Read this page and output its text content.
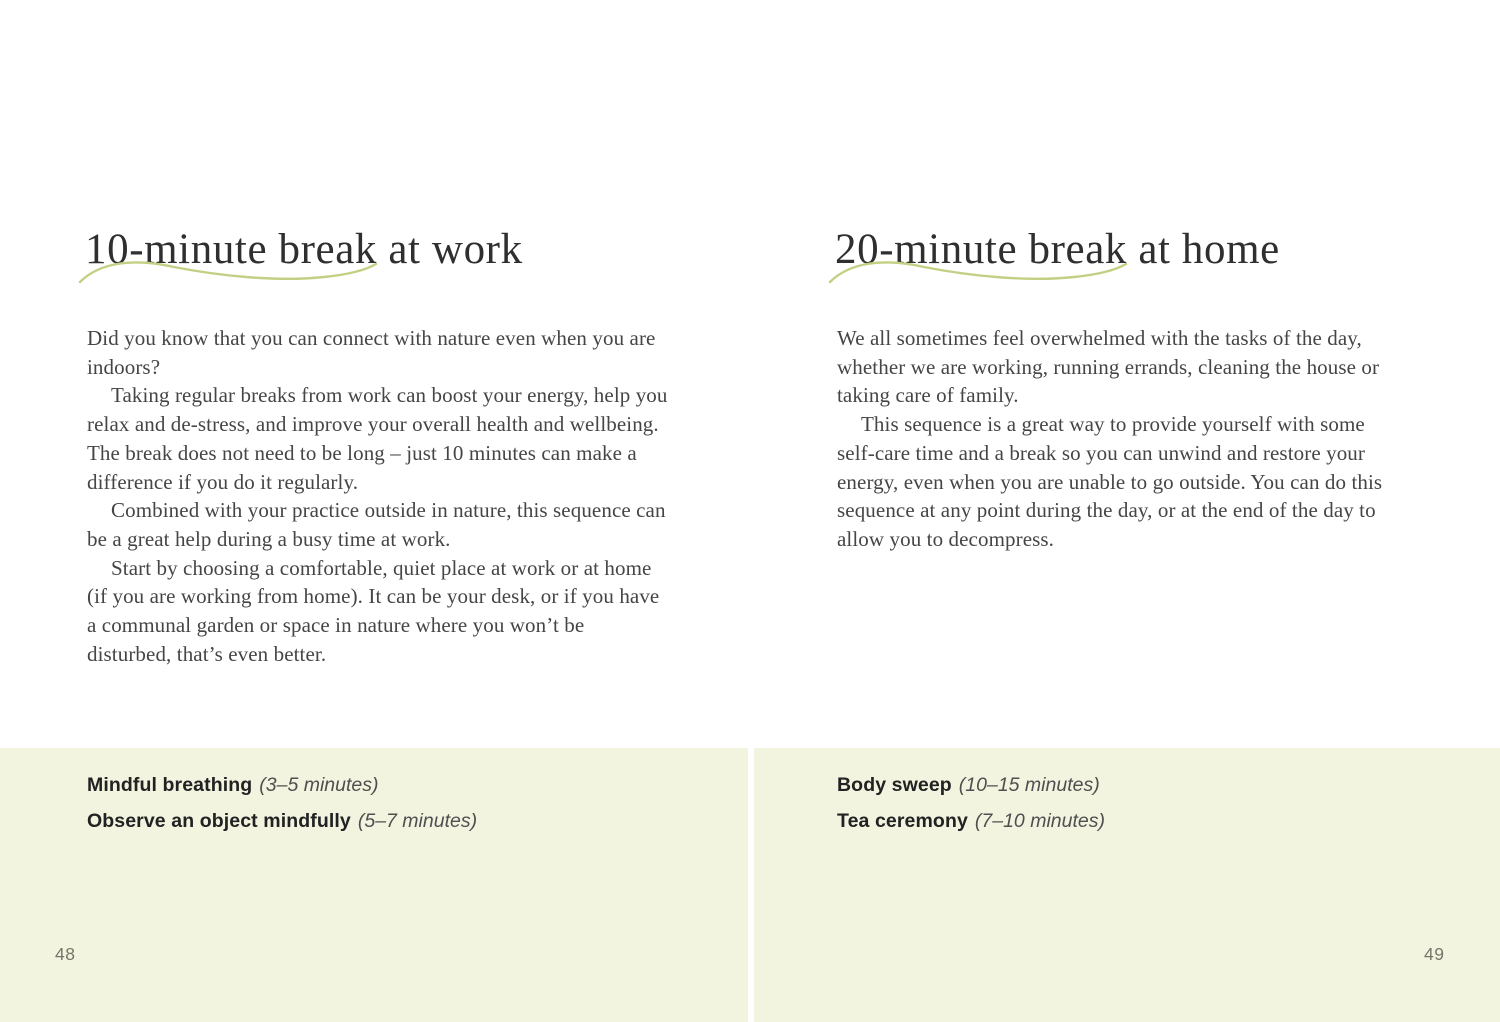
10-minute break at work

Did you know that you can connect with nature even when you are indoors?

Taking regular breaks from work can boost your energy, help you relax and de-stress, and improve your overall health and wellbeing. The break does not need to be long – just 10 minutes can make a difference if you do it regularly.

Combined with your practice outside in nature, this sequence can be a great help during a busy time at work.

Start by choosing a comfortable, quiet place at work or at home (if you are working from home). It can be your desk, or if you have a communal garden or space in nature where you won’t be disturbed, that’s even better.

Mindful breathing (3–5 minutes)
Observe an object mindfully (5–7 minutes)
48
20-minute break at home

We all sometimes feel overwhelmed with the tasks of the day, whether we are working, running errands, cleaning the house or taking care of family.

This sequence is a great way to provide yourself with some self-care time and a break so you can unwind and restore your energy, even when you are unable to go outside. You can do this sequence at any point during the day, or at the end of the day to allow you to decompress.

Body sweep (10–15 minutes)
Tea ceremony (7–10 minutes)
49
